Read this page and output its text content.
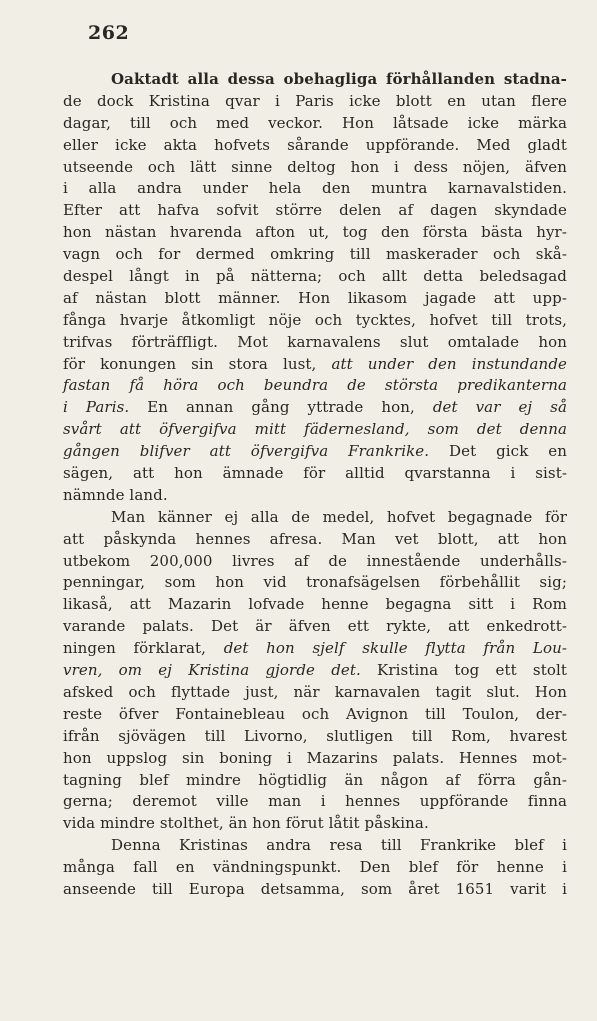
262
Oaktadt alla dessa obehagliga förhållanden stadna-
de dock Kristina qvar i Paris icke blott en utan flere
dagar, till och med veckor. Hon låtsade icke märka
eller icke akta hofvets sårande uppförande. Med gladt
utseende och lätt sinne deltog hon i dess nöjen, äfven
i alla andra under hela den muntra karnavalstiden.
Efter att hafva sofvit större delen af dagen skyndade
hon nästan hvarenda afton ut, tog den första bästa hyr-
vagn och for dermed omkring till maskerader och skå-
despel långt in på nätterna; och allt detta beledsagad
af nästan blott männer. Hon likasom jagade att upp-
fånga hvarje åtkomligt nöje och tycktes, hofvet till trots,
trifvas förträffligt. Mot karnavalens slut omtalade hon
för konungen sin stora lust, att under den instundande
fastan få höra och beundra de största predikanterna
i Paris. En annan gång yttrade hon, det var ej så
svårt att öfvergifva mitt fädernesland, som det denna
gången blifver att öfvergifva Frankrike. Det gick en
sägen, att hon ämnade för alltid qvarstanna i sist-
nämnde land.
Man känner ej alla de medel, hofvet begagnade för
att påskynda hennes afresa. Man vet blott, att hon
utbekom 200,000 livres af de innestående underhålls-
penningar, som hon vid tronafsägelsen förbehållit sig;
likaså, att Mazarin lofvade henne begagna sitt i Rom
varande palats. Det är äfven ett rykte, att enkedrott-
ningen förklarat, det hon sjelf skulle flytta från Lou-
vren, om ej Kristina gjorde det. Kristina tog ett stolt
afsked och flyttade just, när karnavalen tagit slut. Hon
reste öfver Fontainebleau och Avignon till Toulon, der-
ifrån sjövägen till Livorno, slutligen till Rom, hvarest
hon uppslog sin boning i Mazarins palats. Hennes mot-
tagning blef mindre högtidlig än någon af förra gån-
gerna; deremot ville man i hennes uppförande finna
vida mindre stolthet, än hon förut låtit påskina.
Denna Kristinas andra resa till Frankrike blef i
många fall en vändningspunkt. Den blef för henne i
anseende till Europa detsamma, som året 1651 varit i
